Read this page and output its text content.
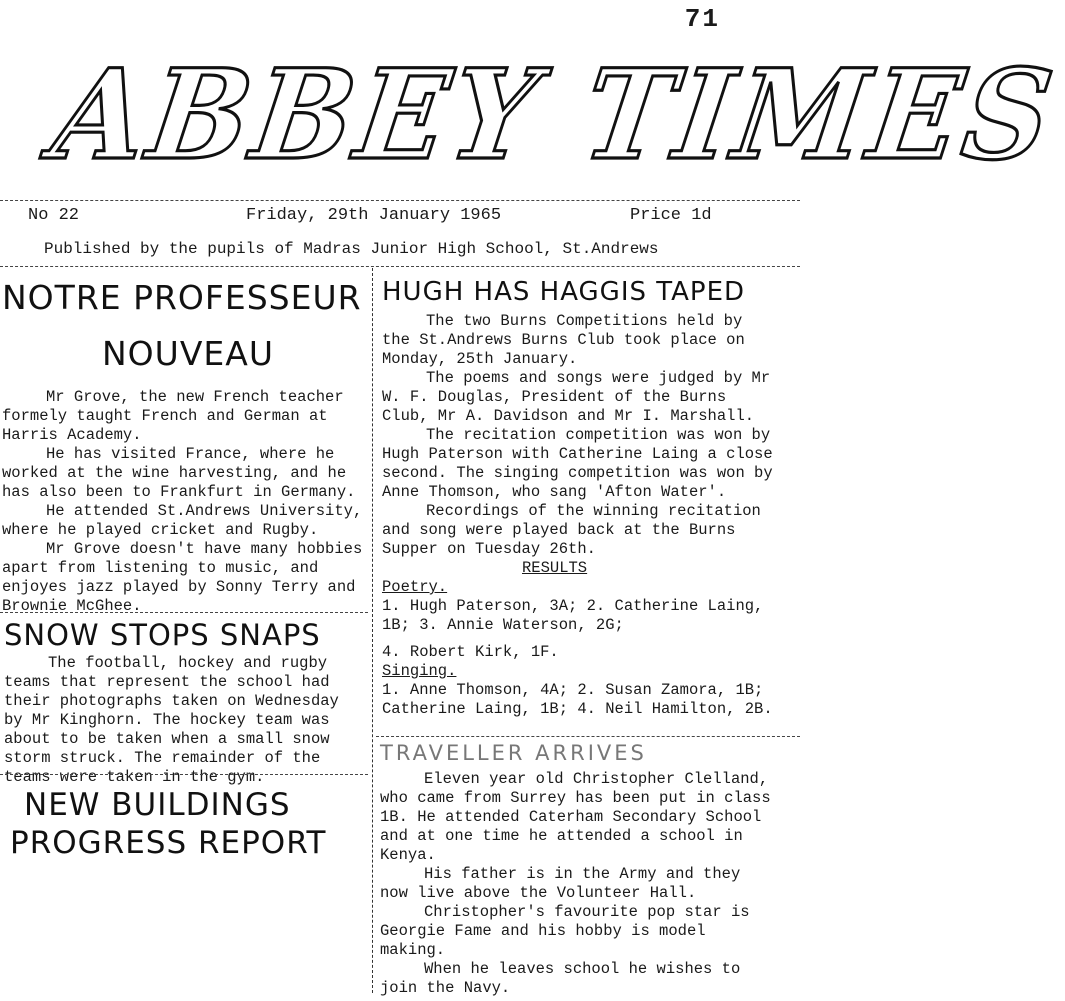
71
ABBEY TIMES
No 22	Friday, 29th January 1965	Price 1d
Published by the pupils of Madras Junior High School, St.Andrews
NOTRE PROFESSEUR
NOUVEAU

Mr Grove, the new French teacher formely taught French and German at Harris Academy.

He has visited France, where he worked at the wine harvesting, and he has also been to Frankfurt in Germany.

He attended St.Andrews University, where he played cricket and Rugby.

Mr Grove doesn't have many hobbies apart from listening to music, and enjoyes jazz played by Sonny Terry and Brownie McGhee.

SNOW STOPS SNAPS

The football, hockey and rugby teams that represent the school had their photographs taken on Wednesday by Mr Kinghorn. The hockey team was about to be taken when a small snow storm struck. The remainder of the teams were taken in the gym.

NEW BUILDINGS
PROGRESS REPORT
HUGH HAS HAGGIS TAPED

The two Burns Competitions held by the St.Andrews Burns Club took place on Monday, 25th January.

The poems and songs were judged by Mr W. F. Douglas, President of the Burns Club, Mr A. Davidson and Mr I. Marshall.

The recitation competition was won by Hugh Paterson with Catherine Laing a close second. The singing competition was won by Anne Thomson, who sang 'Afton Water'.

Recordings of the winning recitation and song were played back at the Burns Supper on Tuesday 26th.

RESULTS
Poetry.

1. Hugh Paterson, 3A; 2. Catherine Laing, 1B; 3. Annie Waterson, 2G;

4. Robert Kirk, 1F.

Singing.

1. Anne Thomson, 4A; 2. Susan Zamora, 1B; Catherine Laing, 1B; 4. Neil Hamilton, 2B.

TRAVELLER ARRIVES

Eleven year old Christopher Clelland, who came from Surrey has been put in class 1B. He attended Caterham Secondary School and at one time he attended a school in Kenya.

His father is in the Army and they now live above the Volunteer Hall.

Christopher's favourite pop star is Georgie Fame and his hobby is model making.

When he leaves school he wishes to join the Navy.
